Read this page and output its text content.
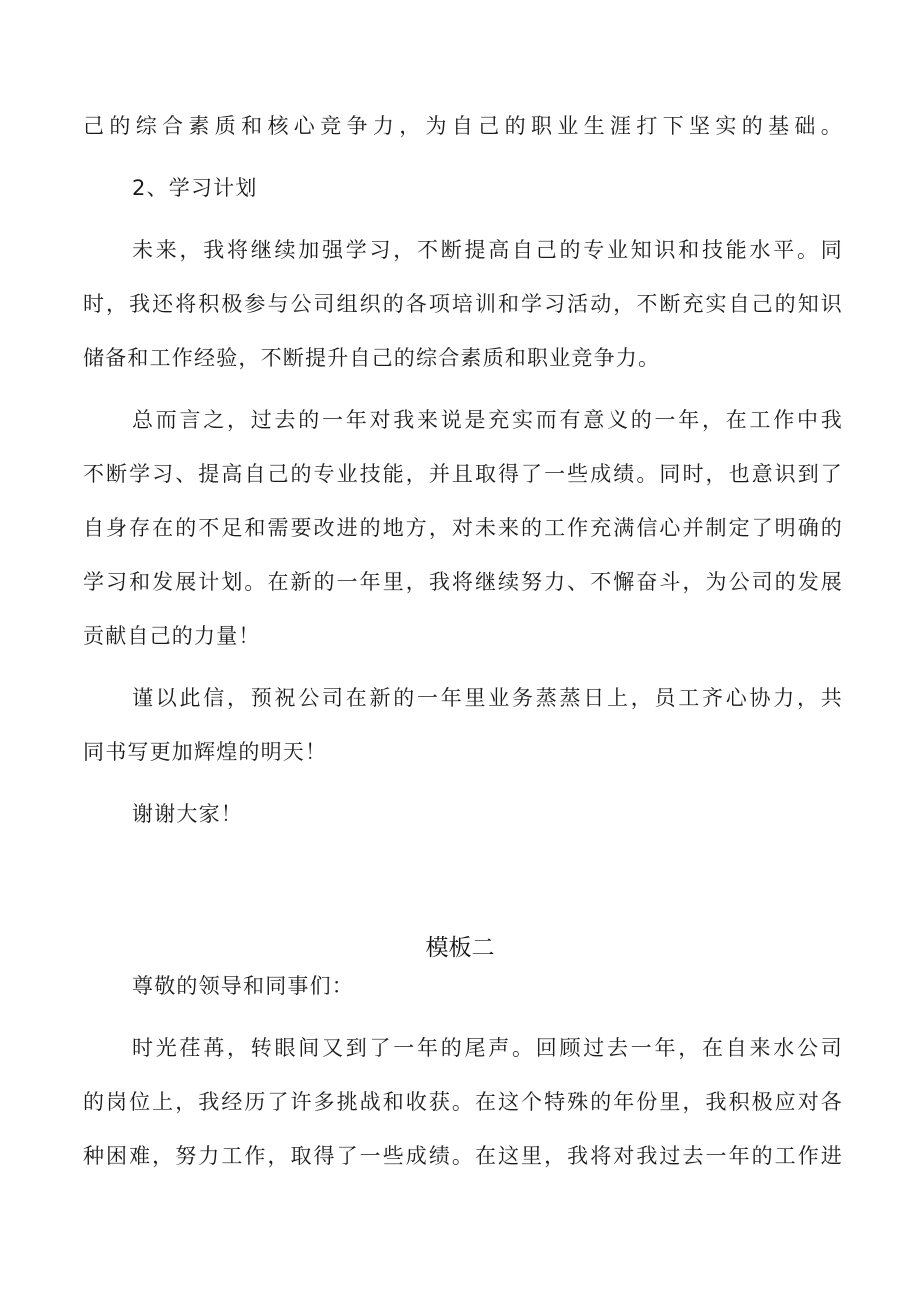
己的综合素质和核心竞争力，为自己的职业生涯打下坚实的基础。
2、学习计划
未来，我将继续加强学习，不断提高自己的专业知识和技能水平。同
时，我还将积极参与公司组织的各项培训和学习活动，不断充实自己的知识
储备和工作经验，不断提升自己的综合素质和职业竞争力。
总而言之，过去的一年对我来说是充实而有意义的一年，在工作中我
不断学习、提高自己的专业技能，并且取得了一些成绩。同时，也意识到了
自身存在的不足和需要改进的地方，对未来的工作充满信心并制定了明确的
学习和发展计划。在新的一年里，我将继续努力、不懈奋斗，为公司的发展
贡献自己的力量！
谨以此信，预祝公司在新的一年里业务蒸蒸日上，员工齐心协力，共
同书写更加辉煌的明天！
谢谢大家！
模板二
尊敬的领导和同事们：
时光荏苒，转眼间又到了一年的尾声。回顾过去一年，在自来水公司
的岗位上，我经历了许多挑战和收获。在这个特殊的年份里，我积极应对各
种困难，努力工作，取得了一些成绩。在这里，我将对我过去一年的工作进
